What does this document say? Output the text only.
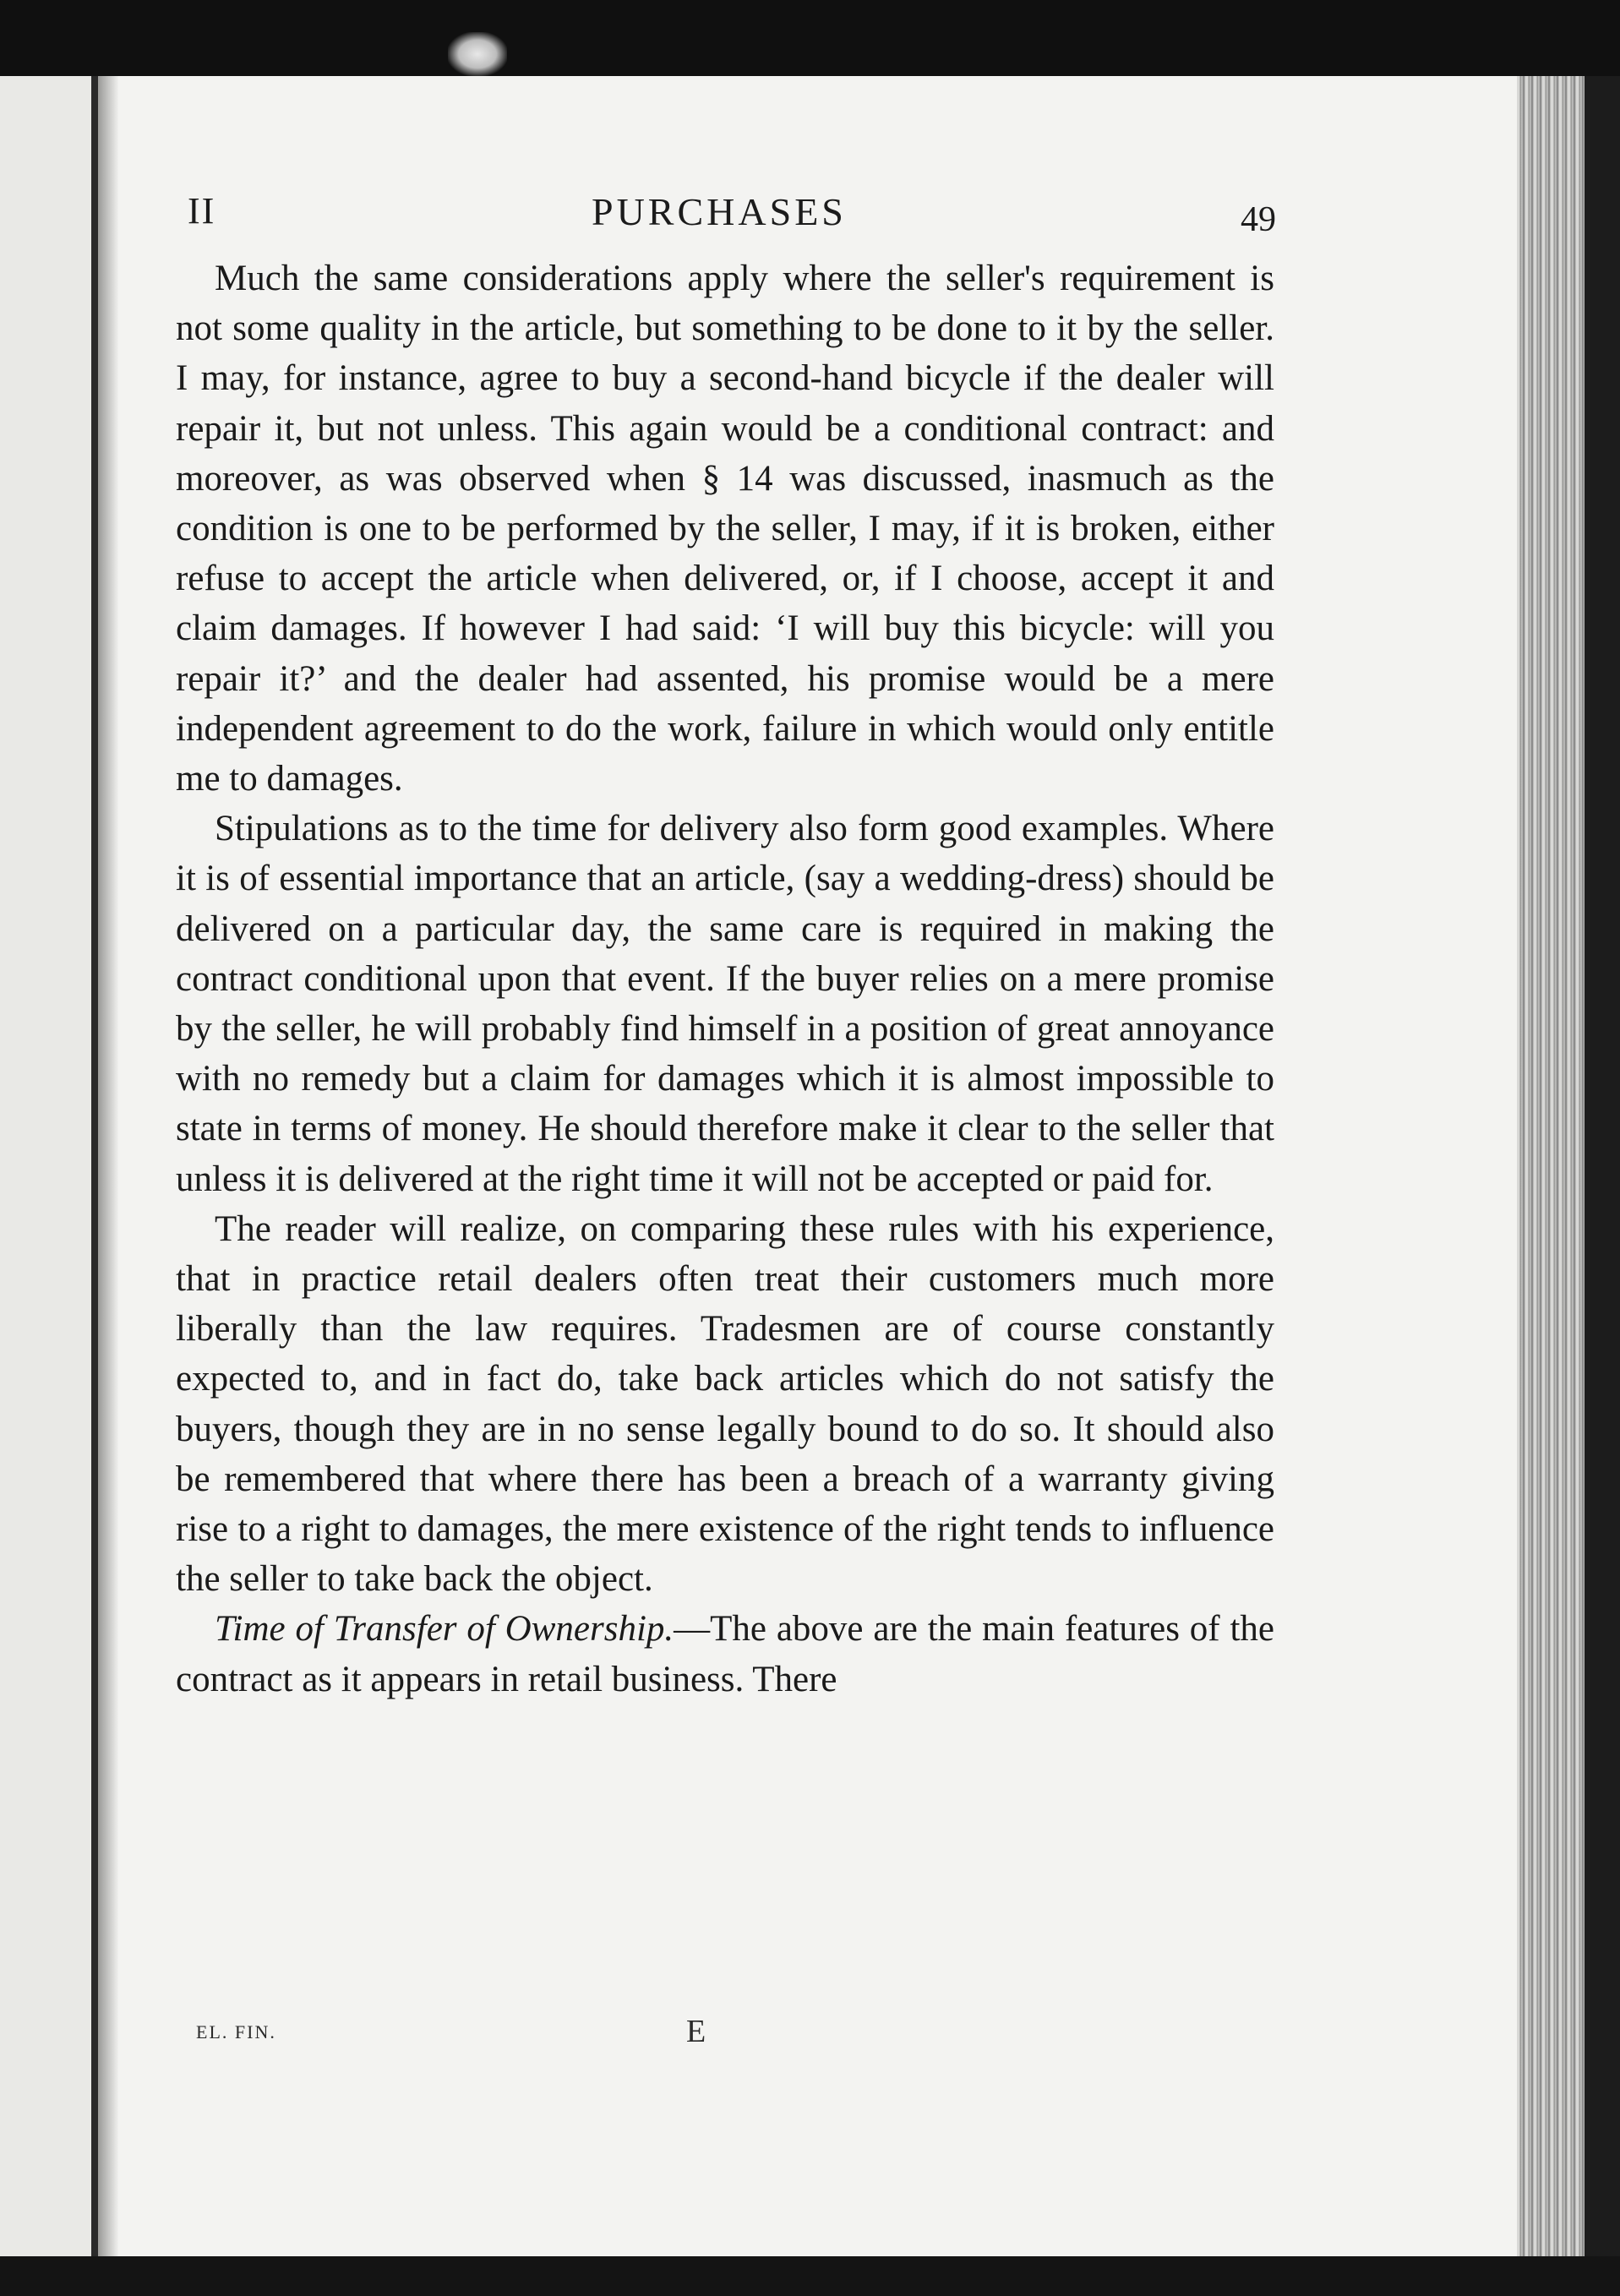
II	PURCHASES	49

Much the same considerations apply where the seller's requirement is not some quality in the article, but something to be done to it by the seller. I may, for instance, agree to buy a second-hand bicycle if the dealer will repair it, but not unless. This again would be a conditional contract: and moreover, as was observed when § 14 was discussed, inasmuch as the condition is one to be performed by the seller, I may, if it is broken, either refuse to accept the article when delivered, or, if I choose, accept it and claim damages. If however I had said: ‘I will buy this bicycle: will you repair it?’ and the dealer had assented, his promise would be a mere independent agreement to do the work, failure in which would only entitle me to damages.

Stipulations as to the time for delivery also form good examples. Where it is of essential importance that an article, (say a wedding-dress) should be delivered on a particular day, the same care is required in making the contract conditional upon that event. If the buyer relies on a mere promise by the seller, he will probably find himself in a position of great annoyance with no remedy but a claim for damages which it is almost impossible to state in terms of money. He should therefore make it clear to the seller that unless it is delivered at the right time it will not be accepted or paid for.

The reader will realize, on comparing these rules with his experience, that in practice retail dealers often treat their customers much more liberally than the law requires. Tradesmen are of course constantly expected to, and in fact do, take back articles which do not satisfy the buyers, though they are in no sense legally bound to do so. It should also be remembered that where there has been a breach of a warranty giving rise to a right to damages, the mere existence of the right tends to influence the seller to take back the object.

Time of Transfer of Ownership.—The above are the main features of the contract as it appears in retail business. There

EL. FIN.	E
